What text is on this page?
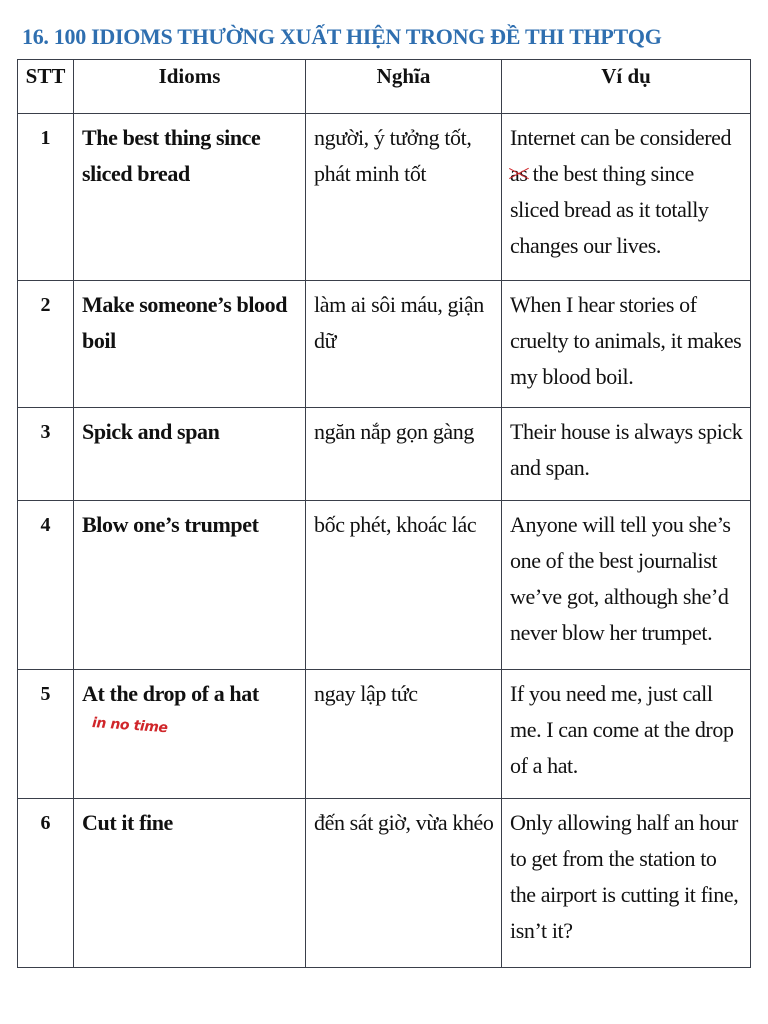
16. 100 IDIOMS THƯỜNG XUẤT HIỆN TRONG ĐỀ THI THPTQG
STT	Idioms	Nghĩa	Ví dụ

1	The best thing since sliced bread	người, ý tưởng tốt, phát minh tốt	Internet can be considered as the best thing since sliced bread as it totally changes our lives.

2	Make someone’s blood boil	làm ai sôi máu, giận dữ	When I hear stories of cruelty to animals, it makes my blood boil.

3	Spick and span	ngăn nắp gọn gàng	Their house is always spick and span.

4	Blow one’s trumpet	bốc phét, khoác lác	Anyone will tell you she’s one of the best journalist we’ve got, although she’d never blow her trumpet.

5	At the drop of a hat
in no time	ngay lập tức	If you need me, just call me. I can come at the drop of a hat.

6	Cut it fine	đến sát giờ, vừa khéo	Only allowing half an hour to get from the station to the airport is cutting it fine, isn’t it?
